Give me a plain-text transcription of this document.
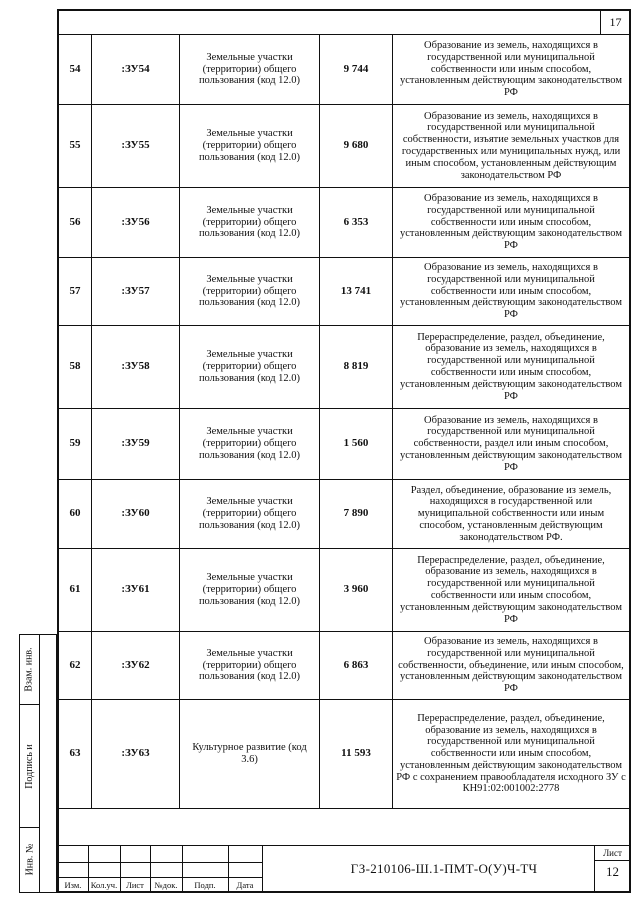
17
54	:ЗУ54	Земельные участки (территории) общего пользования (код 12.0)	9 744	Образование из земель, находящихся в государственной или муниципальной собственности или иным способом, установленным действующим законодательством РФ
55	:ЗУ55	Земельные участки (территории) общего пользования (код 12.0)	9 680	Образование из земель, находящихся в государственной или муниципальной собственности, изъятие земельных участков для государственных или муниципальных нужд, или иным способом, установленным действующим законодательством РФ
56	:ЗУ56	Земельные участки (территории) общего пользования (код 12.0)	6 353	Образование из земель, находящихся в государственной или муниципальной собственности или иным способом, установленным действующим законодательством РФ
57	:ЗУ57	Земельные участки (территории) общего пользования (код 12.0)	13 741	Образование из земель, находящихся в государственной или муниципальной собственности или иным способом, установленным действующим законодательством РФ
58	:ЗУ58	Земельные участки (территории) общего пользования (код 12.0)	8 819	Перераспределение, раздел, объединение, образование из земель, находящихся в государственной или муниципальной собственности или иным способом, установленным действующим законодательством РФ
59	:ЗУ59	Земельные участки (территории) общего пользования (код 12.0)	1 560	Образование из земель, находящихся в государственной или муниципальной собственности, раздел или иным способом, установленным действующим законодательством РФ
60	:ЗУ60	Земельные участки (территории) общего пользования (код 12.0)	7 890	Раздел, объединение, образование из земель, находящихся в государственной или муниципальной собственности или иным способом, установленным действующим законодательством РФ.
61	:ЗУ61	Земельные участки (территории) общего пользования (код 12.0)	3 960	Перераспределение, раздел, объединение, образование из земель, находящихся в государственной или муниципальной собственности или иным способом, установленным действующим законодательством РФ
62	:ЗУ62	Земельные участки (территории) общего пользования (код 12.0)	6 863	Образование из земель, находящихся в государственной или муниципальной собственности, объединение, или иным способом, установленным действующим законодательством РФ
63	:ЗУ63	Культурное развитие (код 3.6)	11 593	Перераспределение, раздел, объединение, образование из земель, находящихся в государственной или муниципальной собственности или иным способом, установленным действующим законодательством РФ с сохранением правообладателя исходного ЗУ с КН91:02:001002:2778
Взам. инв.
Подпись и
Инв. №
Изм.	Кол.уч.	Лист	№док.	Подп.	Дата
ГЗ-210106-Ш.1-ПМТ-О(У)Ч-ТЧ
Лист
12
